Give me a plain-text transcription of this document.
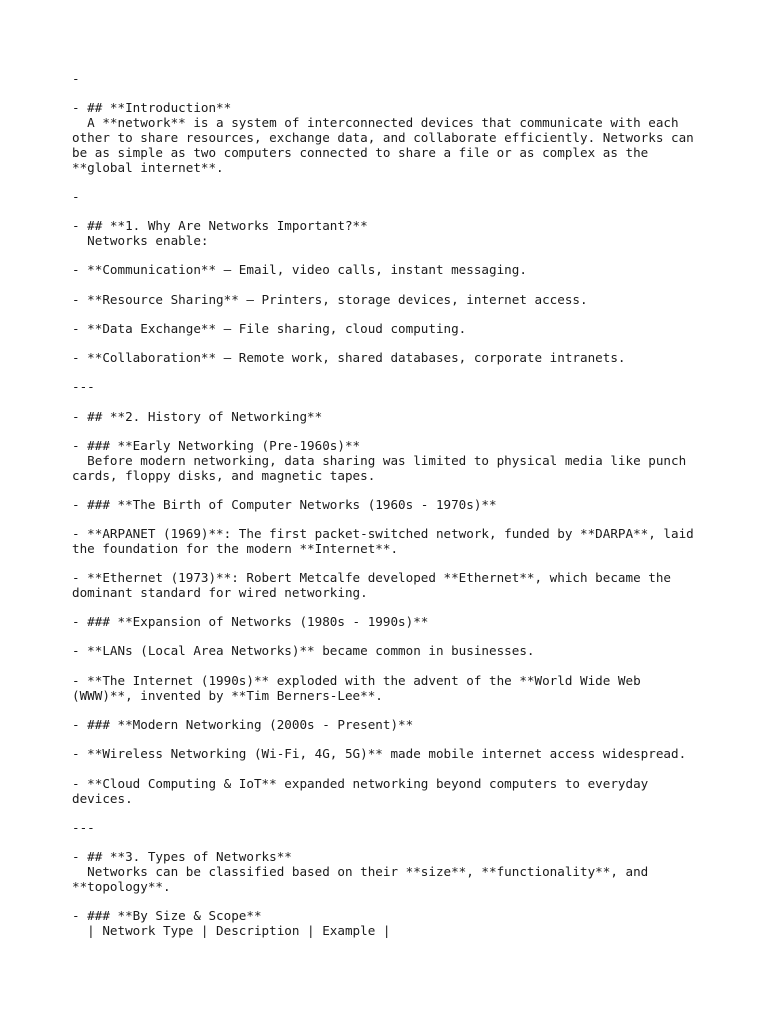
-
- ## **Introduction**
A **network** is a system of interconnected devices that communicate with each
other to share resources, exchange data, and collaborate efficiently. Networks can
be as simple as two computers connected to share a file or as complex as the
**global internet**.
-
- ## **1. Why Are Networks Important?**
Networks enable:
- **Communication** – Email, video calls, instant messaging.
- **Resource Sharing** – Printers, storage devices, internet access.
- **Data Exchange** – File sharing, cloud computing.
- **Collaboration** – Remote work, shared databases, corporate intranets.
---
- ## **2. History of Networking**
- ### **Early Networking (Pre-1960s)**
Before modern networking, data sharing was limited to physical media like punch
cards, floppy disks, and magnetic tapes.
- ### **The Birth of Computer Networks (1960s - 1970s)**
- **ARPANET (1969)**: The first packet-switched network, funded by **DARPA**, laid
the foundation for the modern **Internet**.
- **Ethernet (1973)**: Robert Metcalfe developed **Ethernet**, which became the
dominant standard for wired networking.
- ### **Expansion of Networks (1980s - 1990s)**
- **LANs (Local Area Networks)** became common in businesses.
- **The Internet (1990s)** exploded with the advent of the **World Wide Web
(WWW)**, invented by **Tim Berners-Lee**.
- ### **Modern Networking (2000s - Present)**
- **Wireless Networking (Wi-Fi, 4G, 5G)** made mobile internet access widespread.
- **Cloud Computing & IoT** expanded networking beyond computers to everyday
devices.
---
- ## **3. Types of Networks**
Networks can be classified based on their **size**, **functionality**, and
**topology**.
- ### **By Size & Scope**
| Network Type | Description | Example |
